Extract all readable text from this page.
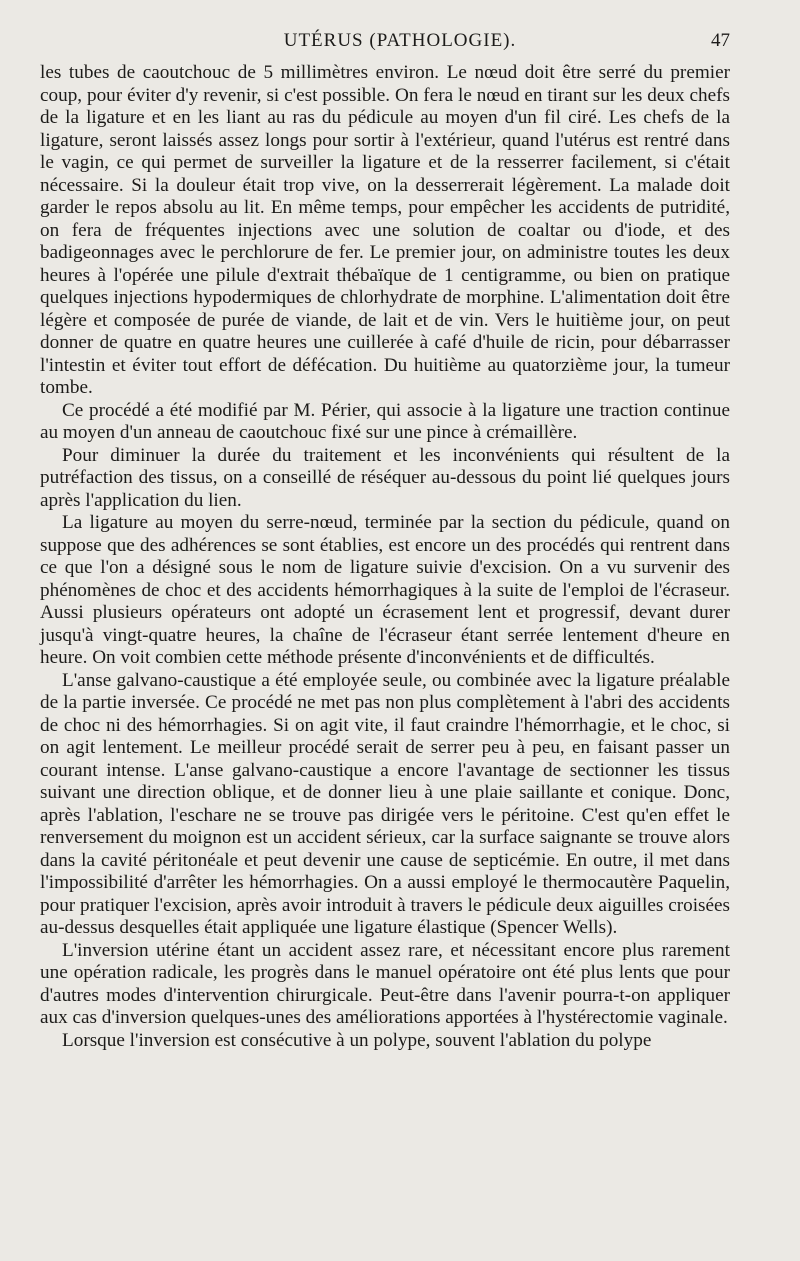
UTÉRUS (PATHOLOGIE).	47

les tubes de caoutchouc de 5 millimètres environ. Le nœud doit être serré du premier coup, pour éviter d'y revenir, si c'est possible. On fera le nœud en tirant sur les deux chefs de la ligature et en les liant au ras du pédicule au moyen d'un fil ciré. Les chefs de la ligature, seront laissés assez longs pour sortir à l'extérieur, quand l'utérus est rentré dans le vagin, ce qui permet de surveiller la ligature et de la resserrer facilement, si c'était nécessaire. Si la douleur était trop vive, on la desserrerait légèrement. La malade doit garder le repos absolu au lit. En même temps, pour empêcher les accidents de putridité, on fera de fréquentes injections avec une solution de coaltar ou d'iode, et des badigeonnages avec le perchlorure de fer. Le premier jour, on administre toutes les deux heures à l'opérée une pilule d'extrait thébaïque de 1 centigramme, ou bien on pratique quelques injections hypodermiques de chlorhydrate de morphine. L'alimentation doit être légère et composée de purée de viande, de lait et de vin. Vers le huitième jour, on peut donner de quatre en quatre heures une cuillerée à café d'huile de ricin, pour débarrasser l'intestin et éviter tout effort de défécation. Du huitième au quatorzième jour, la tumeur tombe.

Ce procédé a été modifié par M. Périer, qui associe à la ligature une traction continue au moyen d'un anneau de caoutchouc fixé sur une pince à crémaillère.

Pour diminuer la durée du traitement et les inconvénients qui résultent de la putréfaction des tissus, on a conseillé de réséquer au-dessous du point lié quelques jours après l'application du lien.

La ligature au moyen du serre-nœud, terminée par la section du pédicule, quand on suppose que des adhérences se sont établies, est encore un des procédés qui rentrent dans ce que l'on a désigné sous le nom de ligature suivie d'excision. On a vu survenir des phénomènes de choc et des accidents hémorrhagiques à la suite de l'emploi de l'écraseur. Aussi plusieurs opérateurs ont adopté un écrasement lent et progressif, devant durer jusqu'à vingt-quatre heures, la chaîne de l'écraseur étant serrée lentement d'heure en heure. On voit combien cette méthode présente d'inconvénients et de difficultés.

L'anse galvano-caustique a été employée seule, ou combinée avec la ligature préalable de la partie inversée. Ce procédé ne met pas non plus complètement à l'abri des accidents de choc ni des hémorrhagies. Si on agit vite, il faut craindre l'hémorrhagie, et le choc, si on agit lentement. Le meilleur procédé serait de serrer peu à peu, en faisant passer un courant intense. L'anse galvano-caustique a encore l'avantage de sectionner les tissus suivant une direction oblique, et de donner lieu à une plaie saillante et conique. Donc, après l'ablation, l'eschare ne se trouve pas dirigée vers le péritoine. C'est qu'en effet le renversement du moignon est un accident sérieux, car la surface saignante se trouve alors dans la cavité péritonéale et peut devenir une cause de septicémie. En outre, il met dans l'impossibilité d'arrêter les hémorrhagies. On a aussi employé le thermocautère Paquelin, pour pratiquer l'excision, après avoir introduit à travers le pédicule deux aiguilles croisées au-dessus desquelles était appliquée une ligature élastique (Spencer Wells).

L'inversion utérine étant un accident assez rare, et nécessitant encore plus rarement une opération radicale, les progrès dans le manuel opératoire ont été plus lents que pour d'autres modes d'intervention chirurgicale. Peut-être dans l'avenir pourra-t-on appliquer aux cas d'inversion quelques-unes des améliorations apportées à l'hystérectomie vaginale.

Lorsque l'inversion est consécutive à un polype, souvent l'ablation du polype
